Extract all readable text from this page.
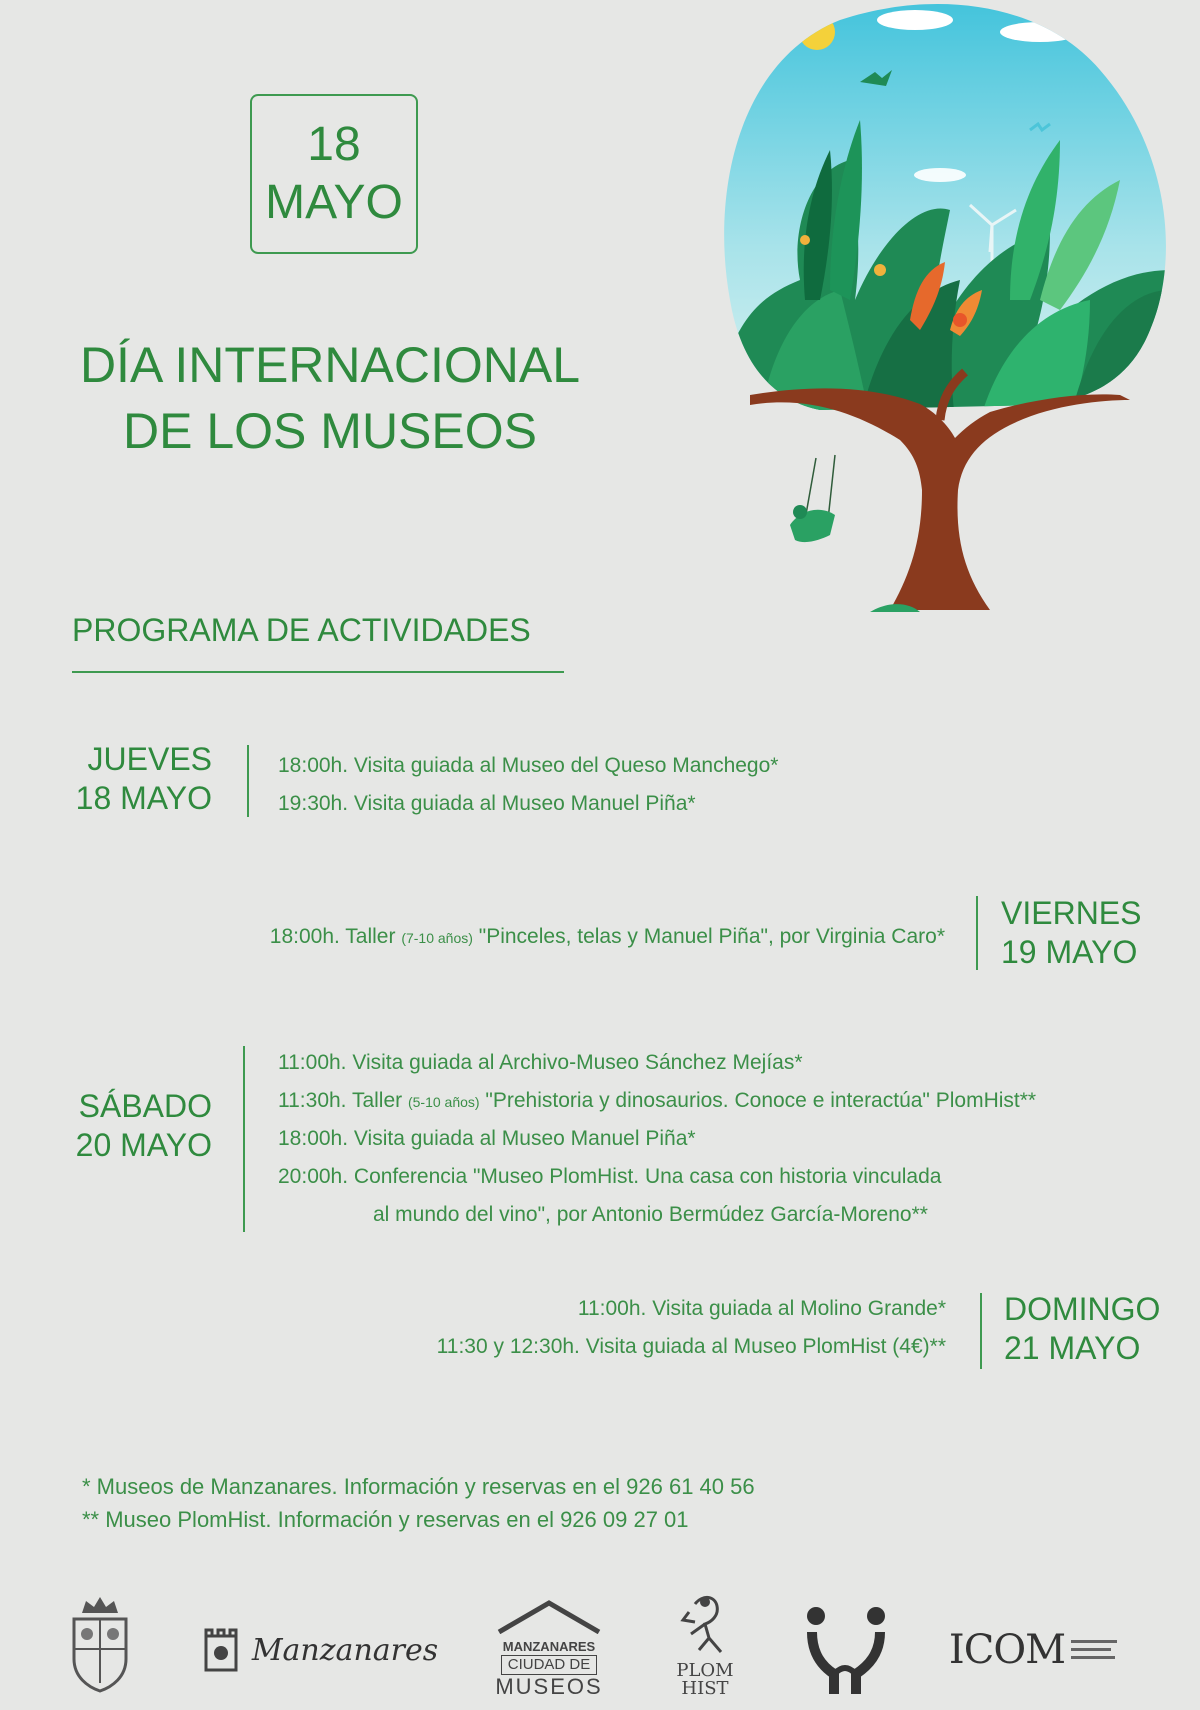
18
MAYO
DÍA INTERNACIONAL
DE LOS MUSEOS
PROGRAMA DE ACTIVIDADES
JUEVES
18 MAYO
18:00h. Visita guiada al Museo del Queso Manchego*
19:30h. Visita guiada al Museo Manuel Piña*
18:00h. Taller (7-10 años) "Pinceles, telas y Manuel Piña", por Virginia Caro*
VIERNES
19 MAYO
SÁBADO
20 MAYO
11:00h. Visita guiada al Archivo-Museo Sánchez Mejías*
11:30h. Taller (5-10 años) "Prehistoria y dinosaurios. Conoce e interactúa" PlomHist**
18:00h. Visita guiada al Museo Manuel Piña*
20:00h. Conferencia "Museo PlomHist. Una casa con historia vinculada
al mundo del vino", por Antonio Bermúdez García-Moreno**
11:00h. Visita guiada al Molino Grande*
11:30 y 12:30h. Visita guiada al Museo PlomHist (4€)**
DOMINGO
21 MAYO
* Museos de Manzanares. Información y reservas en el 926 61 40 56
** Museo PlomHist. Información y reservas en el 926 09 27 01
Manzanares	MANZANARES
CIUDAD DE
MUSEOS
PLOM
HIST
ICOM
